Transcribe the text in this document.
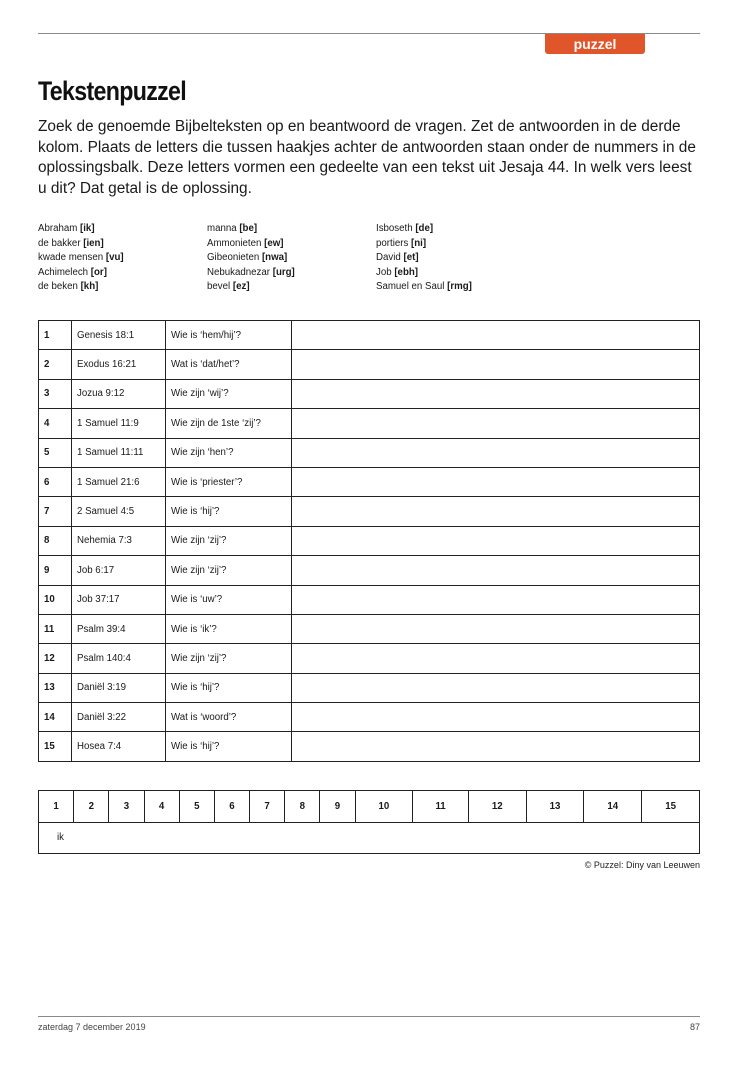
puzzel
Tekstenpuzzel
Zoek de genoemde Bijbelteksten op en beantwoord de vragen. Zet de antwoorden in de derde kolom. Plaats de letters die tussen haakjes achter de antwoorden staan onder de nummers in de oplossingsbalk. Deze letters vormen een gedeelte van een tekst uit Jesaja 44. In welk vers leest u dit? Dat getal is de oplossing.
Abraham [ik]
de bakker [ien]
kwade mensen [vu]
Achimelech [or]
de beken [kh]
manna [be]
Ammonieten [ew]
Gibeonieten [nwa]
Nebukadnezar [urg]
bevel [ez]
Isboseth [de]
portiers [ni]
David [et]
Job [ebh]
Samuel en Saul [rmg]
1	Genesis 18:1	Wie is ‘hem/hij’?	
2	Exodus 16:21	Wat is ‘dat/het’?	
3	Jozua 9:12	Wie zijn ‘wij’?	
4	1 Samuel 11:9	Wie zijn de 1ste ‘zij’?	
5	1 Samuel 11:11	Wie zijn ‘hen’?	
6	1 Samuel 21:6	Wie is ‘priester’?	
7	2 Samuel 4:5	Wie is ‘hij’?	
8	Nehemia 7:3	Wie zijn ‘zij’?	
9	Job 6:17	Wie zijn ‘zij’?	
10	Job 37:17	Wie is ‘uw’?	
11	Psalm 39:4	Wie is ‘ik’?	
12	Psalm 140:4	Wie zijn ‘zij’?	
13	Daniël 3:19	Wie is ‘hij’?	
14	Daniël 3:22	Wat is ‘woord’?	
15	Hosea 7:4	Wie is ‘hij’?	
1	2	3	4	5	6	7	8	9	10	11	12	13	14	15
ik
© Puzzel: Diny van Leeuwen
zaterdag 7 december 2019	87
